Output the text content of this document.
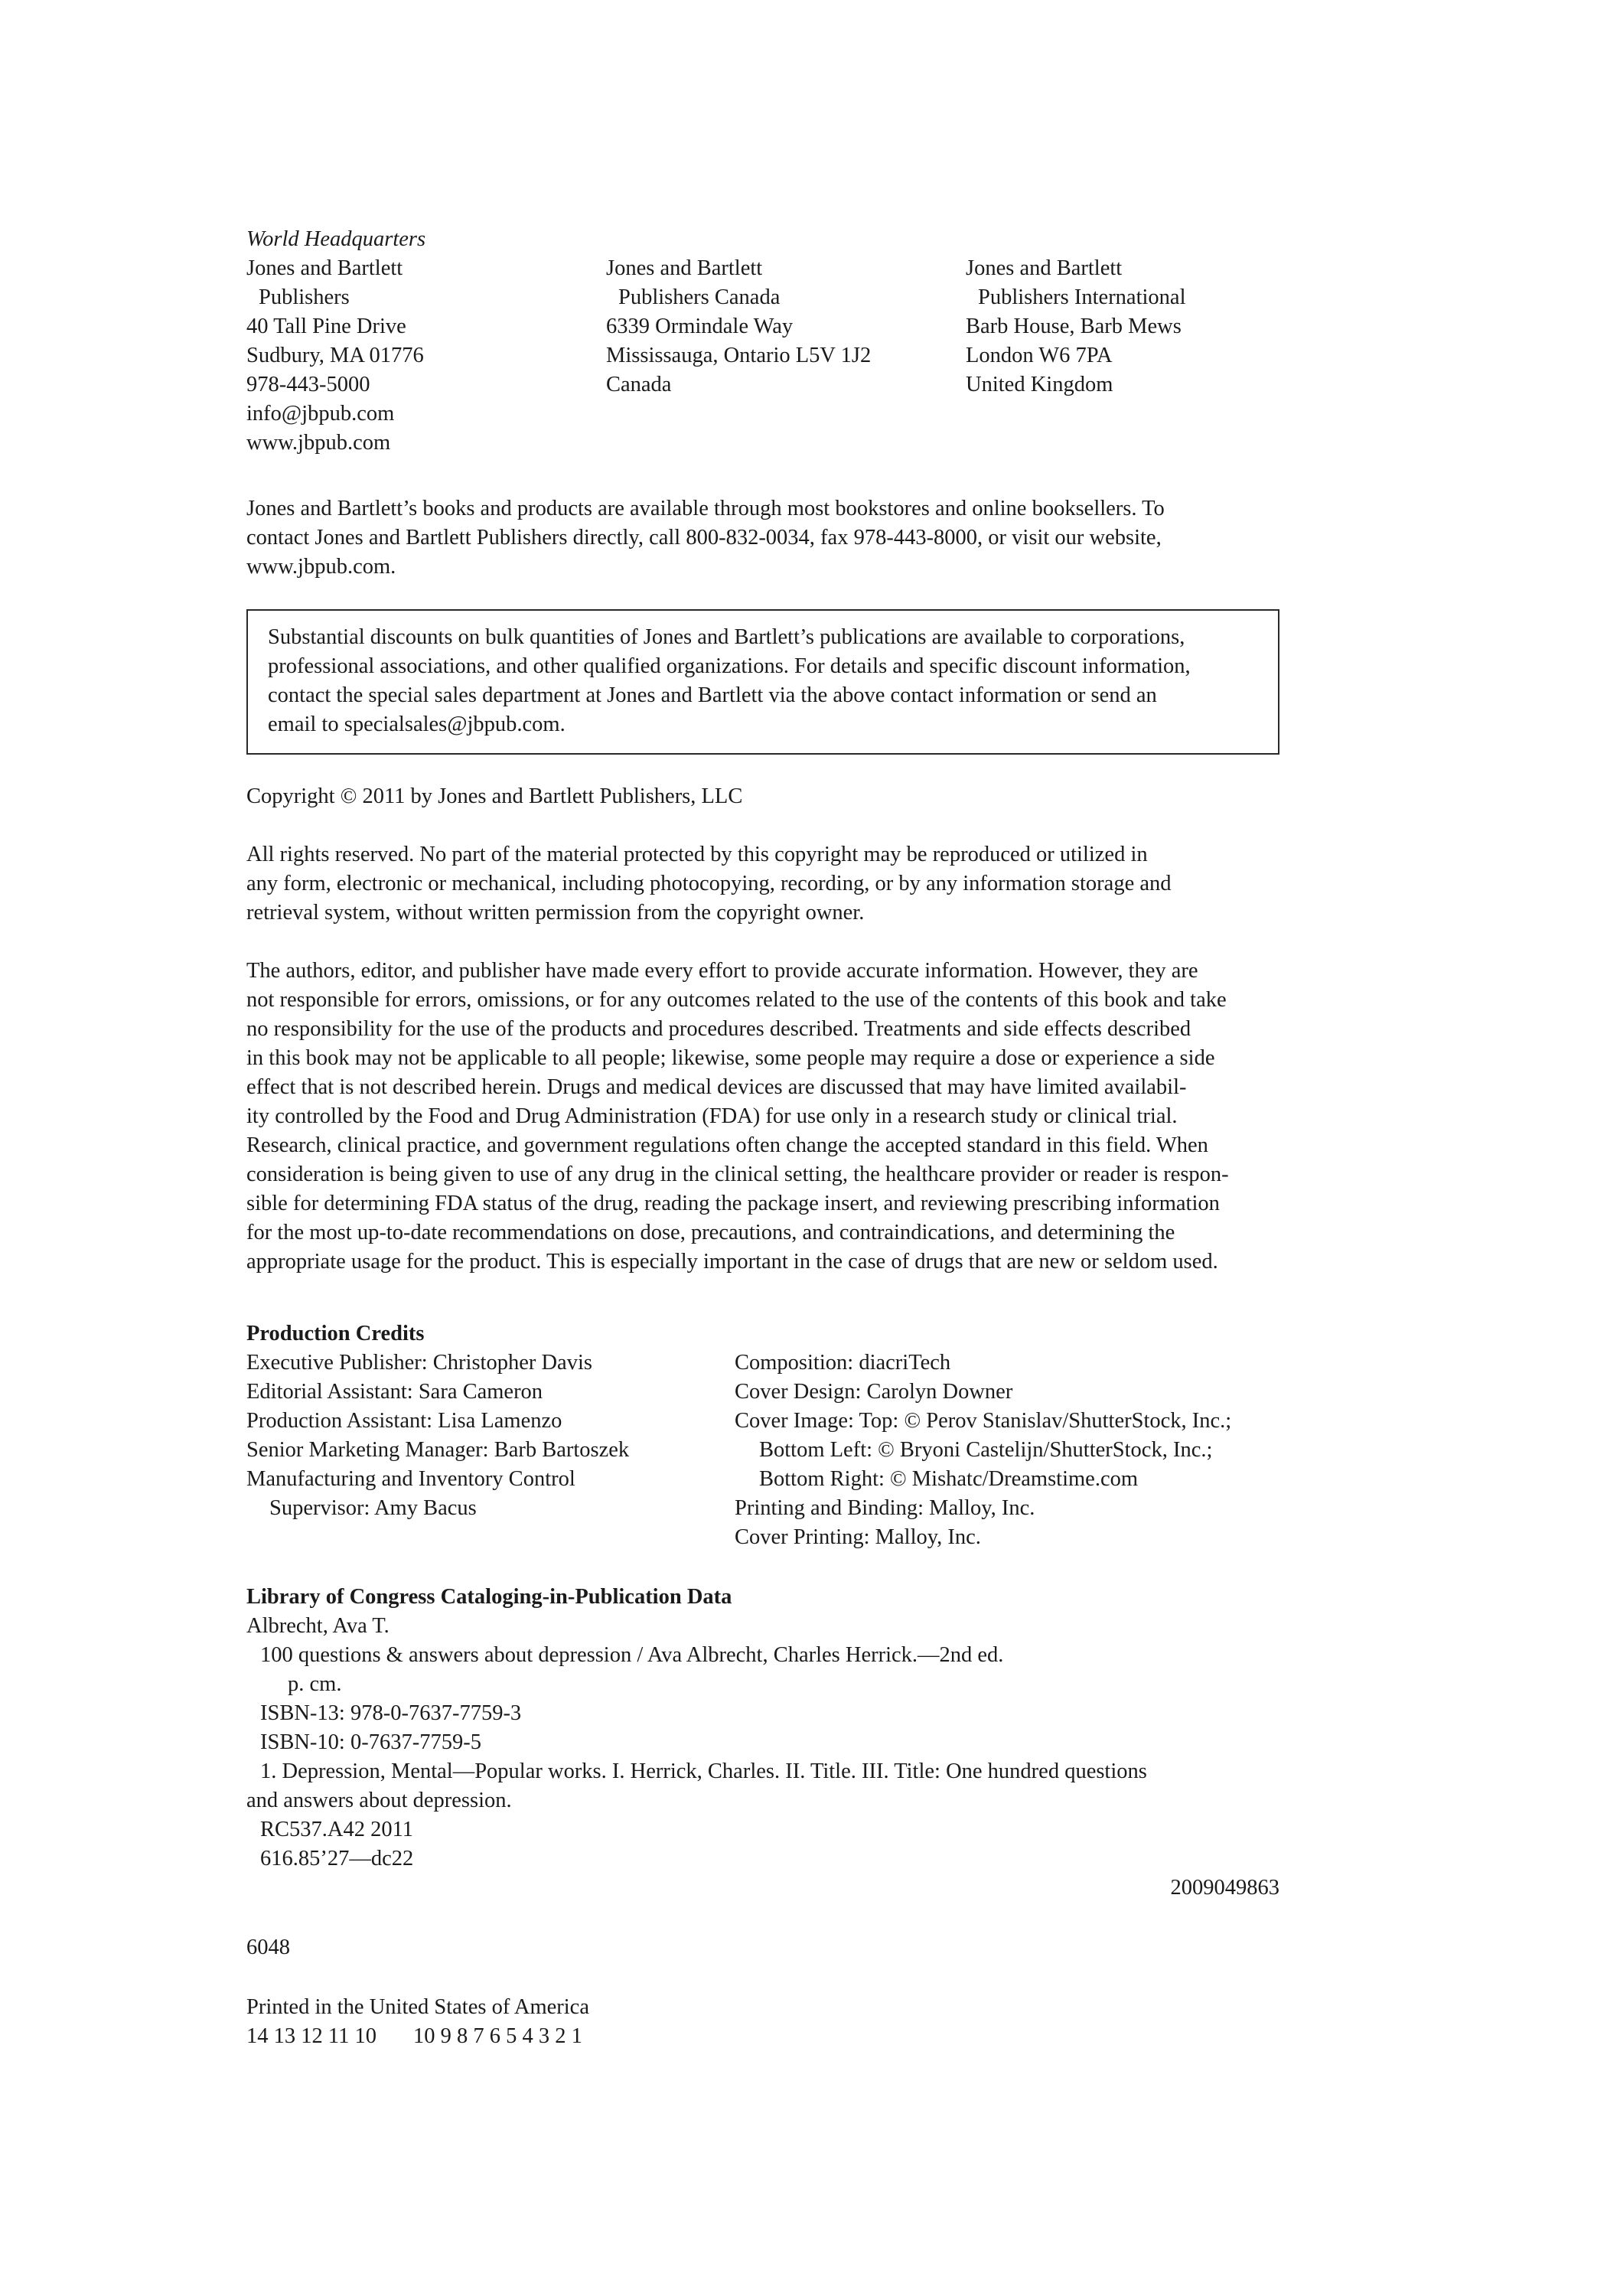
World Headquarters
Jones and Bartlett
Publishers
40 Tall Pine Drive
Sudbury, MA 01776
978-443-5000
info@jbpub.com
www.jbpub.com
Jones and Bartlett
Publishers Canada
6339 Ormindale Way
Mississauga, Ontario L5V 1J2
Canada
Jones and Bartlett
Publishers International
Barb House, Barb Mews
London W6 7PA
United Kingdom
Jones and Bartlett’s books and products are available through most bookstores and online booksellers. To
contact Jones and Bartlett Publishers directly, call 800-832-0034, fax 978-443-8000, or visit our website,
www.jbpub.com.
Substantial discounts on bulk quantities of Jones and Bartlett’s publications are available to corporations,
professional associations, and other qualified organizations. For details and specific discount information,
contact the special sales department at Jones and Bartlett via the above contact information or send an
email to specialsales@jbpub.com.
Copyright © 2011 by Jones and Bartlett Publishers, LLC
All rights reserved. No part of the material protected by this copyright may be reproduced or utilized in
any form, electronic or mechanical, including photocopying, recording, or by any information storage and
retrieval system, without written permission from the copyright owner.
The authors, editor, and publisher have made every effort to provide accurate information. However, they are
not responsible for errors, omissions, or for any outcomes related to the use of the contents of this book and take
no responsibility for the use of the products and procedures described. Treatments and side effects described
in this book may not be applicable to all people; likewise, some people may require a dose or experience a side
effect that is not described herein. Drugs and medical devices are discussed that may have limited availabil-
ity controlled by the Food and Drug Administration (FDA) for use only in a research study or clinical trial.
Research, clinical practice, and government regulations often change the accepted standard in this field. When
consideration is being given to use of any drug in the clinical setting, the healthcare provider or reader is respon-
sible for determining FDA status of the drug, reading the package insert, and reviewing prescribing information
for the most up-to-date recommendations on dose, precautions, and contraindications, and determining the
appropriate usage for the product. This is especially important in the case of drugs that are new or seldom used.
Production Credits
Executive Publisher: Christopher Davis
Editorial Assistant: Sara Cameron
Production Assistant: Lisa Lamenzo
Senior Marketing Manager: Barb Bartoszek
Manufacturing and Inventory Control
Supervisor: Amy Bacus
Composition: diacriTech
Cover Design: Carolyn Downer
Cover Image: Top: © Perov Stanislav/ShutterStock, Inc.;
Bottom Left: © Bryoni Castelijn/ShutterStock, Inc.;
Bottom Right: © Mishatc/Dreamstime.com
Printing and Binding: Malloy, Inc.
Cover Printing: Malloy, Inc.
Library of Congress Cataloging-in-Publication Data
Albrecht, Ava T.
100 questions & answers about depression / Ava Albrecht, Charles Herrick.—2nd ed.
p. cm.
ISBN-13: 978-0-7637-7759-3
ISBN-10: 0-7637-7759-5
1. Depression, Mental—Popular works. I. Herrick, Charles. II. Title. III. Title: One hundred questions
and answers about depression.
RC537.A42 2011
616.85’27—dc22
2009049863
6048
Printed in the United States of America
14 13 12 11 10 10 9 8 7 6 5 4 3 2 1
